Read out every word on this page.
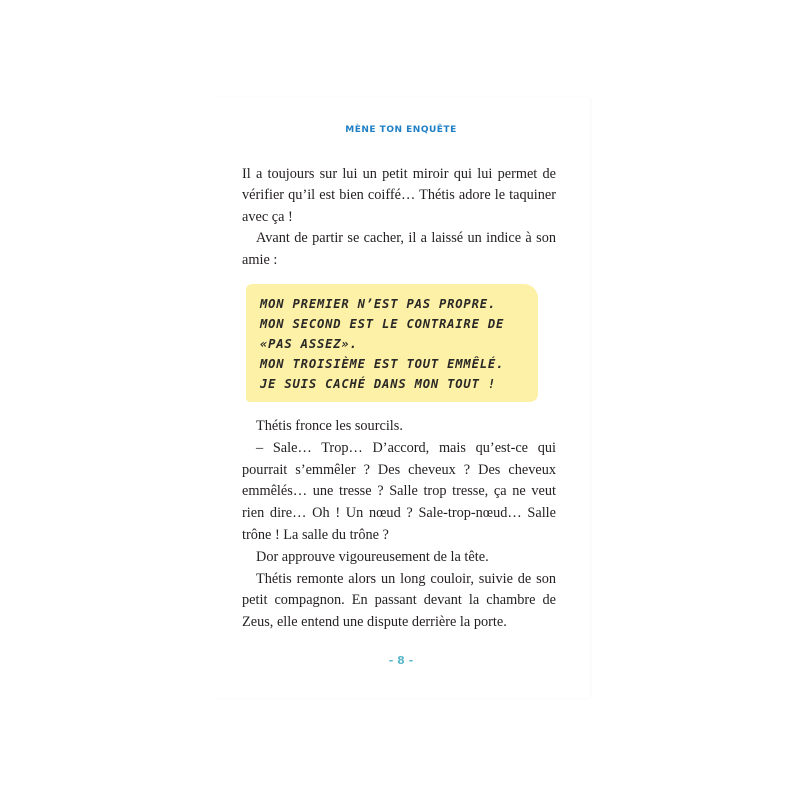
MÈNE TON ENQUÊTE

Il a toujours sur lui un petit miroir qui lui permet de vérifier qu’il est bien coiffé… Thétis adore le taquiner avec ça !

Avant de partir se cacher, il a laissé un indice à son amie :

MON PREMIER N’EST PAS PROPRE.
MON SECOND EST LE CONTRAIRE DE
«PAS ASSEZ».
MON TROISIÈME EST TOUT EMMÊLÉ.
JE SUIS CACHÉ DANS MON TOUT !

Thétis fronce les sourcils.

– Sale… Trop… D’accord, mais qu’est-ce qui pourrait s’emmêler ? Des cheveux ? Des cheveux emmêlés… une tresse ? Salle trop tresse, ça ne veut rien dire… Oh ! Un nœud ? Sale-trop-nœud… Salle trône ! La salle du trône ?

Dor approuve vigoureusement de la tête.

Thétis remonte alors un long couloir, suivie de son petit compagnon. En passant devant la chambre de Zeus, elle entend une dispute derrière la porte.

- 8 -
